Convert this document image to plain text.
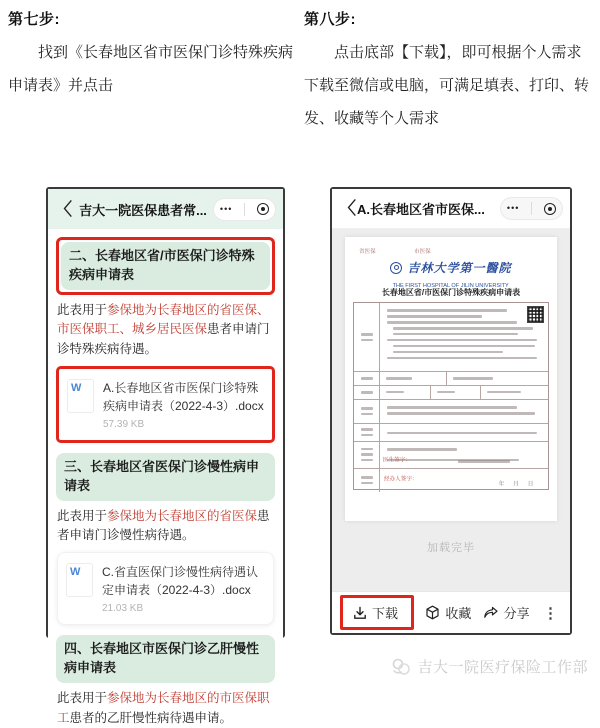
第七步:

找到《长春地区省市医保门诊特殊疾病申请表》并点击

第八步:

点击底部【下载】，即可根据个人需求下载至微信或电脑，可满足填表、打印、转发、收藏等个人需求

〈 吉大一院医保患者常...	•••
二、长春地区省/市医保门诊特殊疾病申请表

此表用于参保地为长春地区的省医保、市医保职工、城乡居民医保患者申请门诊特殊疾病待遇。

W	A.长春地区省市医保门诊特殊疾病申请表（2022-4-3）.docx
57.39 KB
三、长春地区省医保门诊慢性病申请表

此表用于参保地为长春地区的省医保患者申请门诊慢性病待遇。

W	C.省直医保门诊慢性病待遇认定申请表（2022-4-3）.docx
21.03 KB
四、长春地区市医保门诊乙肝慢性病申请表

此表用于参保地为长春地区的市医保职工患者的乙肝慢性病待遇申请。

〈 A.长春地区省市医保...	•••
省医保	市医保
吉林大学第一醫院
THE FIRST HOSPITAL OF JILIN UNIVERSITY
长春地区省/市医保门诊特殊疾病申请表
医生签字：
经办人签字：
年 月 日
加载完毕
下载	收藏 分享 ⋮
吉大一院医疗保险工作部
